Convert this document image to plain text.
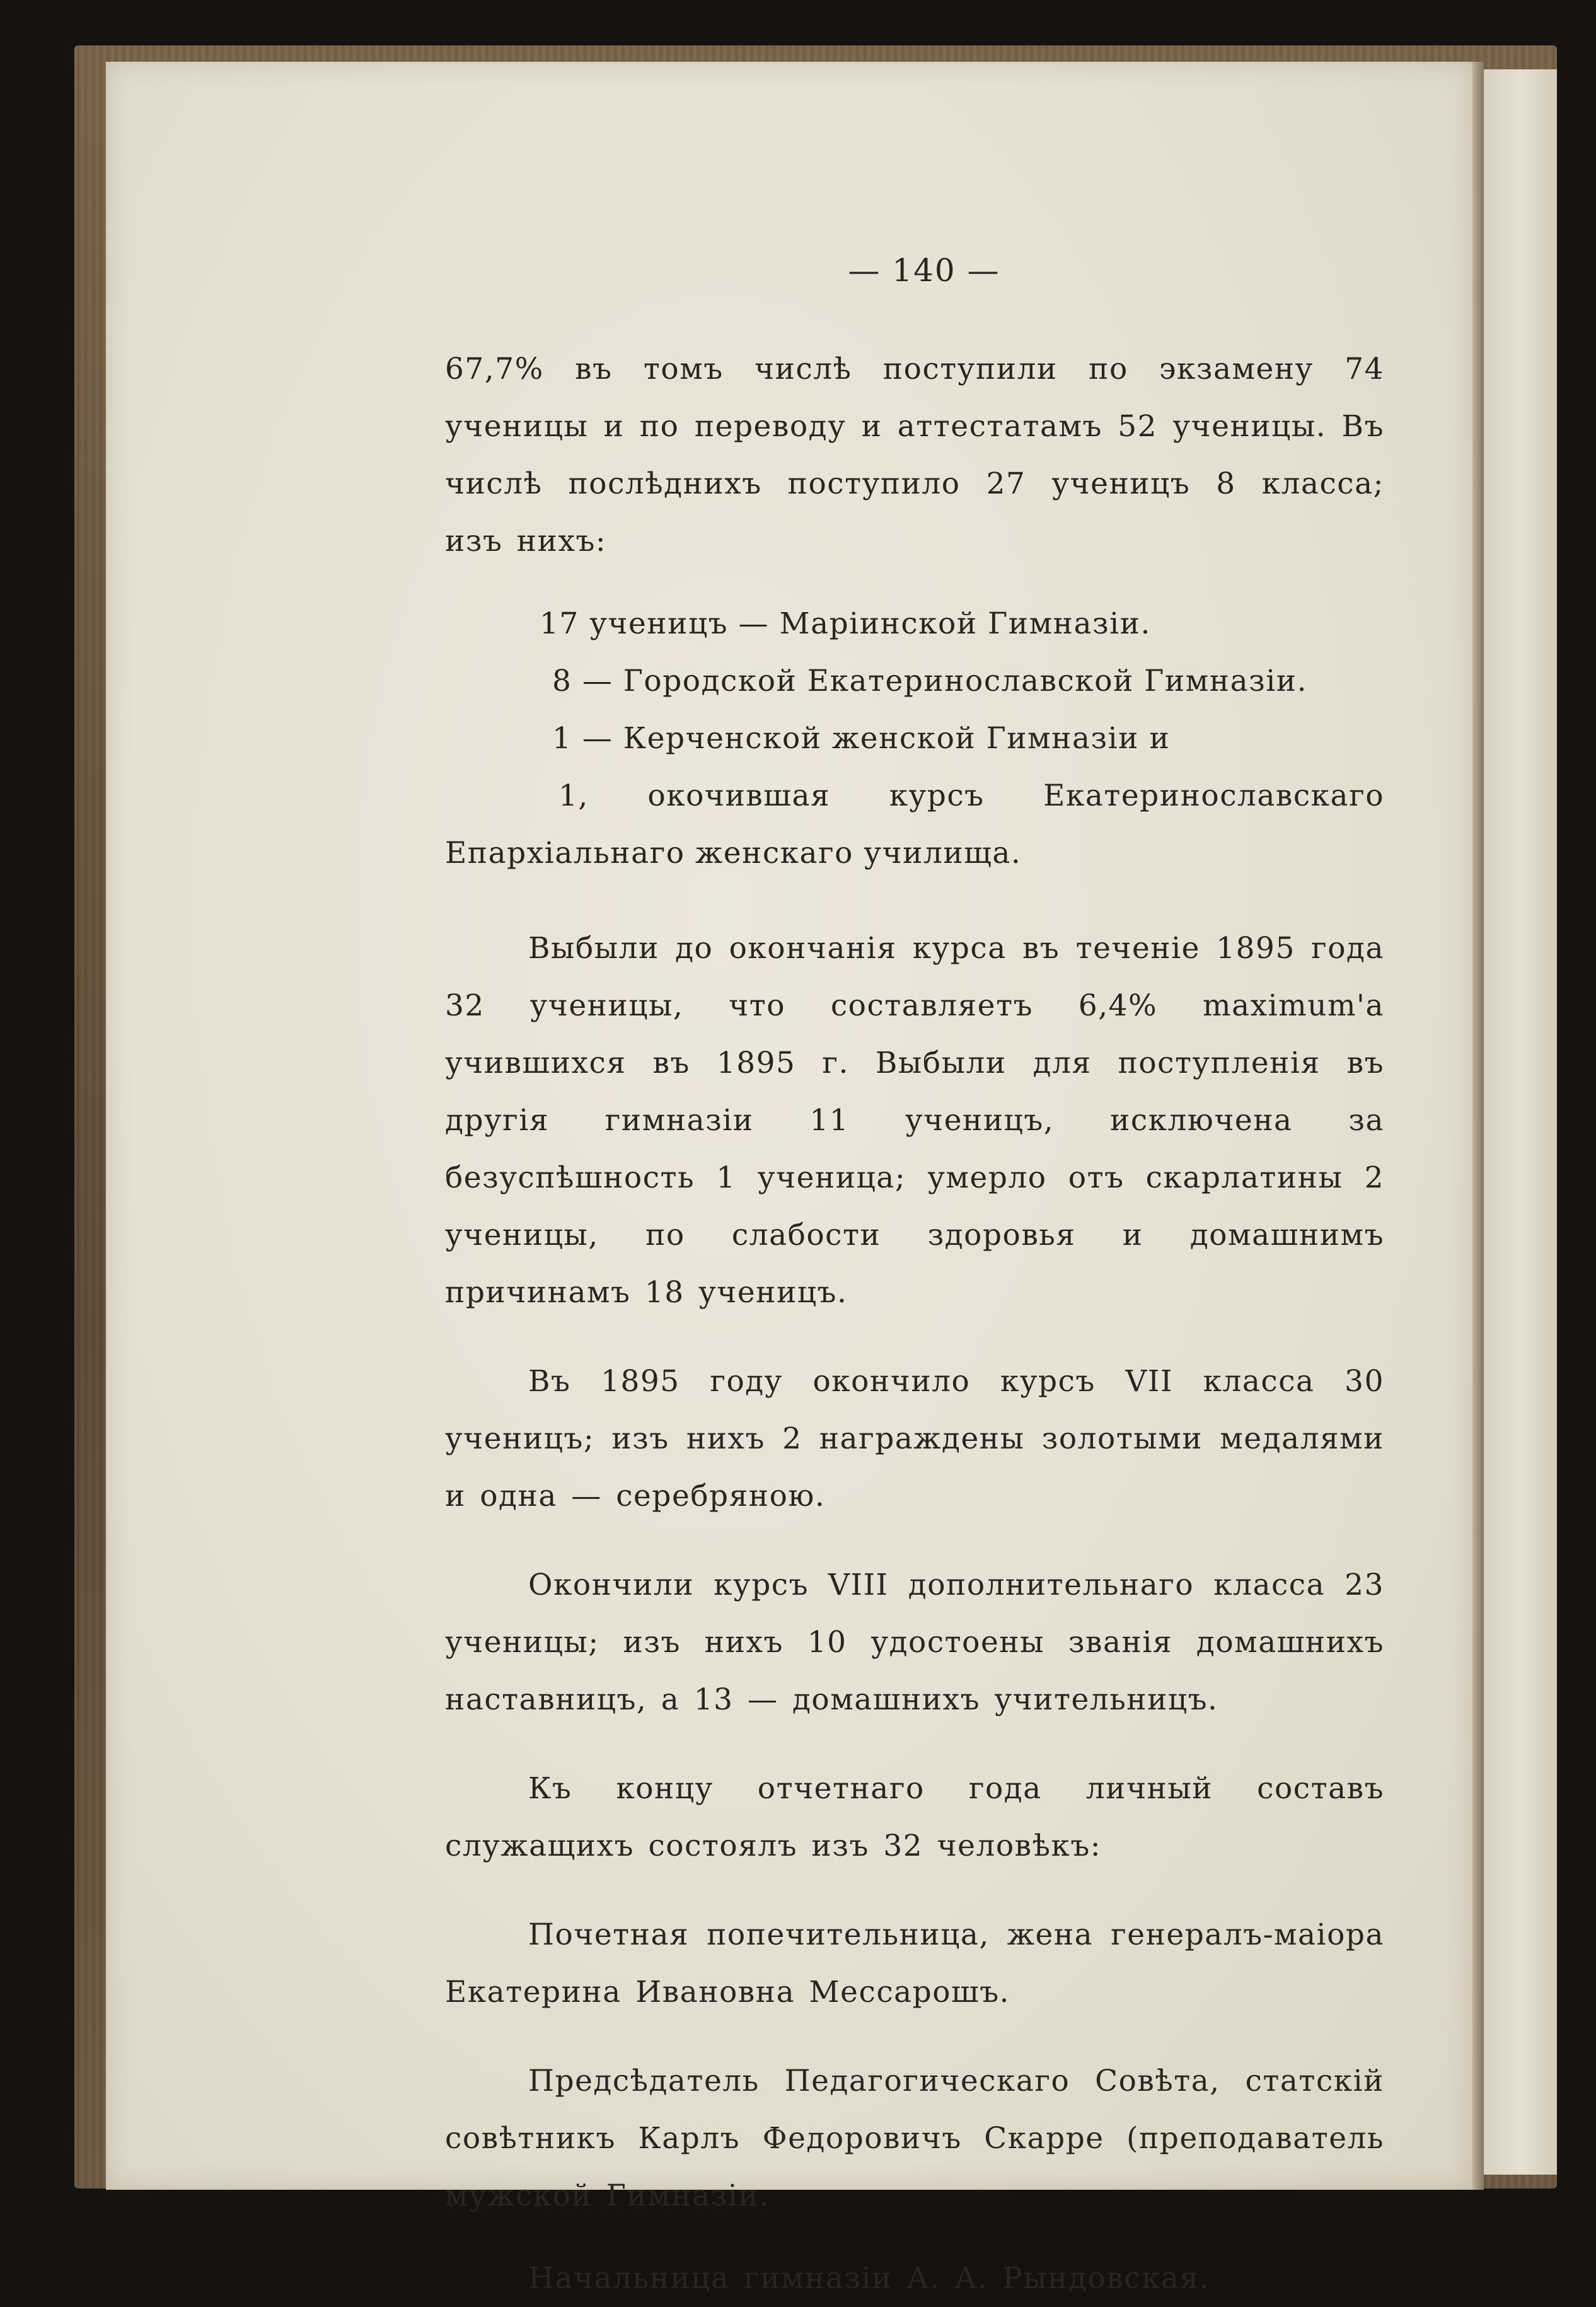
— 140 —

67,7% въ томъ числѣ поступили по экзамену 74 ученицы и по переводу и аттестатамъ 52 ученицы. Въ числѣ послѣднихъ поступило 27 ученицъ 8 класса; изъ нихъ:

17 ученицъ — Маріинской Гимназіи.

8 — Городской Екатеринославской Гимназіи.

1 — Керченской женской Гимназіи и

1, окочившая курсъ Екатеринославскаго Епархіальнаго женскаго училища.

Выбыли до окончанія курса въ теченіе 1895 года 32 ученицы, что составляетъ 6,4% maximum'a учившихся въ 1895 г. Выбыли для поступленія въ другія гимназіи 11 ученицъ, исключена за безуспѣшность 1 ученица; умерло отъ скарлатины 2 ученицы, по слабости здоровья и домашнимъ причинамъ 18 ученицъ.

Въ 1895 году окончило курсъ VII класса 30 ученицъ; изъ нихъ 2 награждены золотыми медалями и одна — серебряною.

Окончили курсъ VIII дополнительнаго класса 23 ученицы; изъ нихъ 10 удостоены званія домашнихъ наставницъ, а 13 — домашнихъ учительницъ.

Къ концу отчетнаго года личный составъ служащихъ состоялъ изъ 32 человѣкъ:

Почетная попечительница, жена генералъ-маіора Екатерина Ивановна Мессарошъ.

Предсѣдатель Педагогическаго Совѣта, статскій совѣтникъ Карлъ Федоровичъ Скарре (преподаватель мужской Гимназіи.

Начальница гимназіи А. А. Рындовская.
